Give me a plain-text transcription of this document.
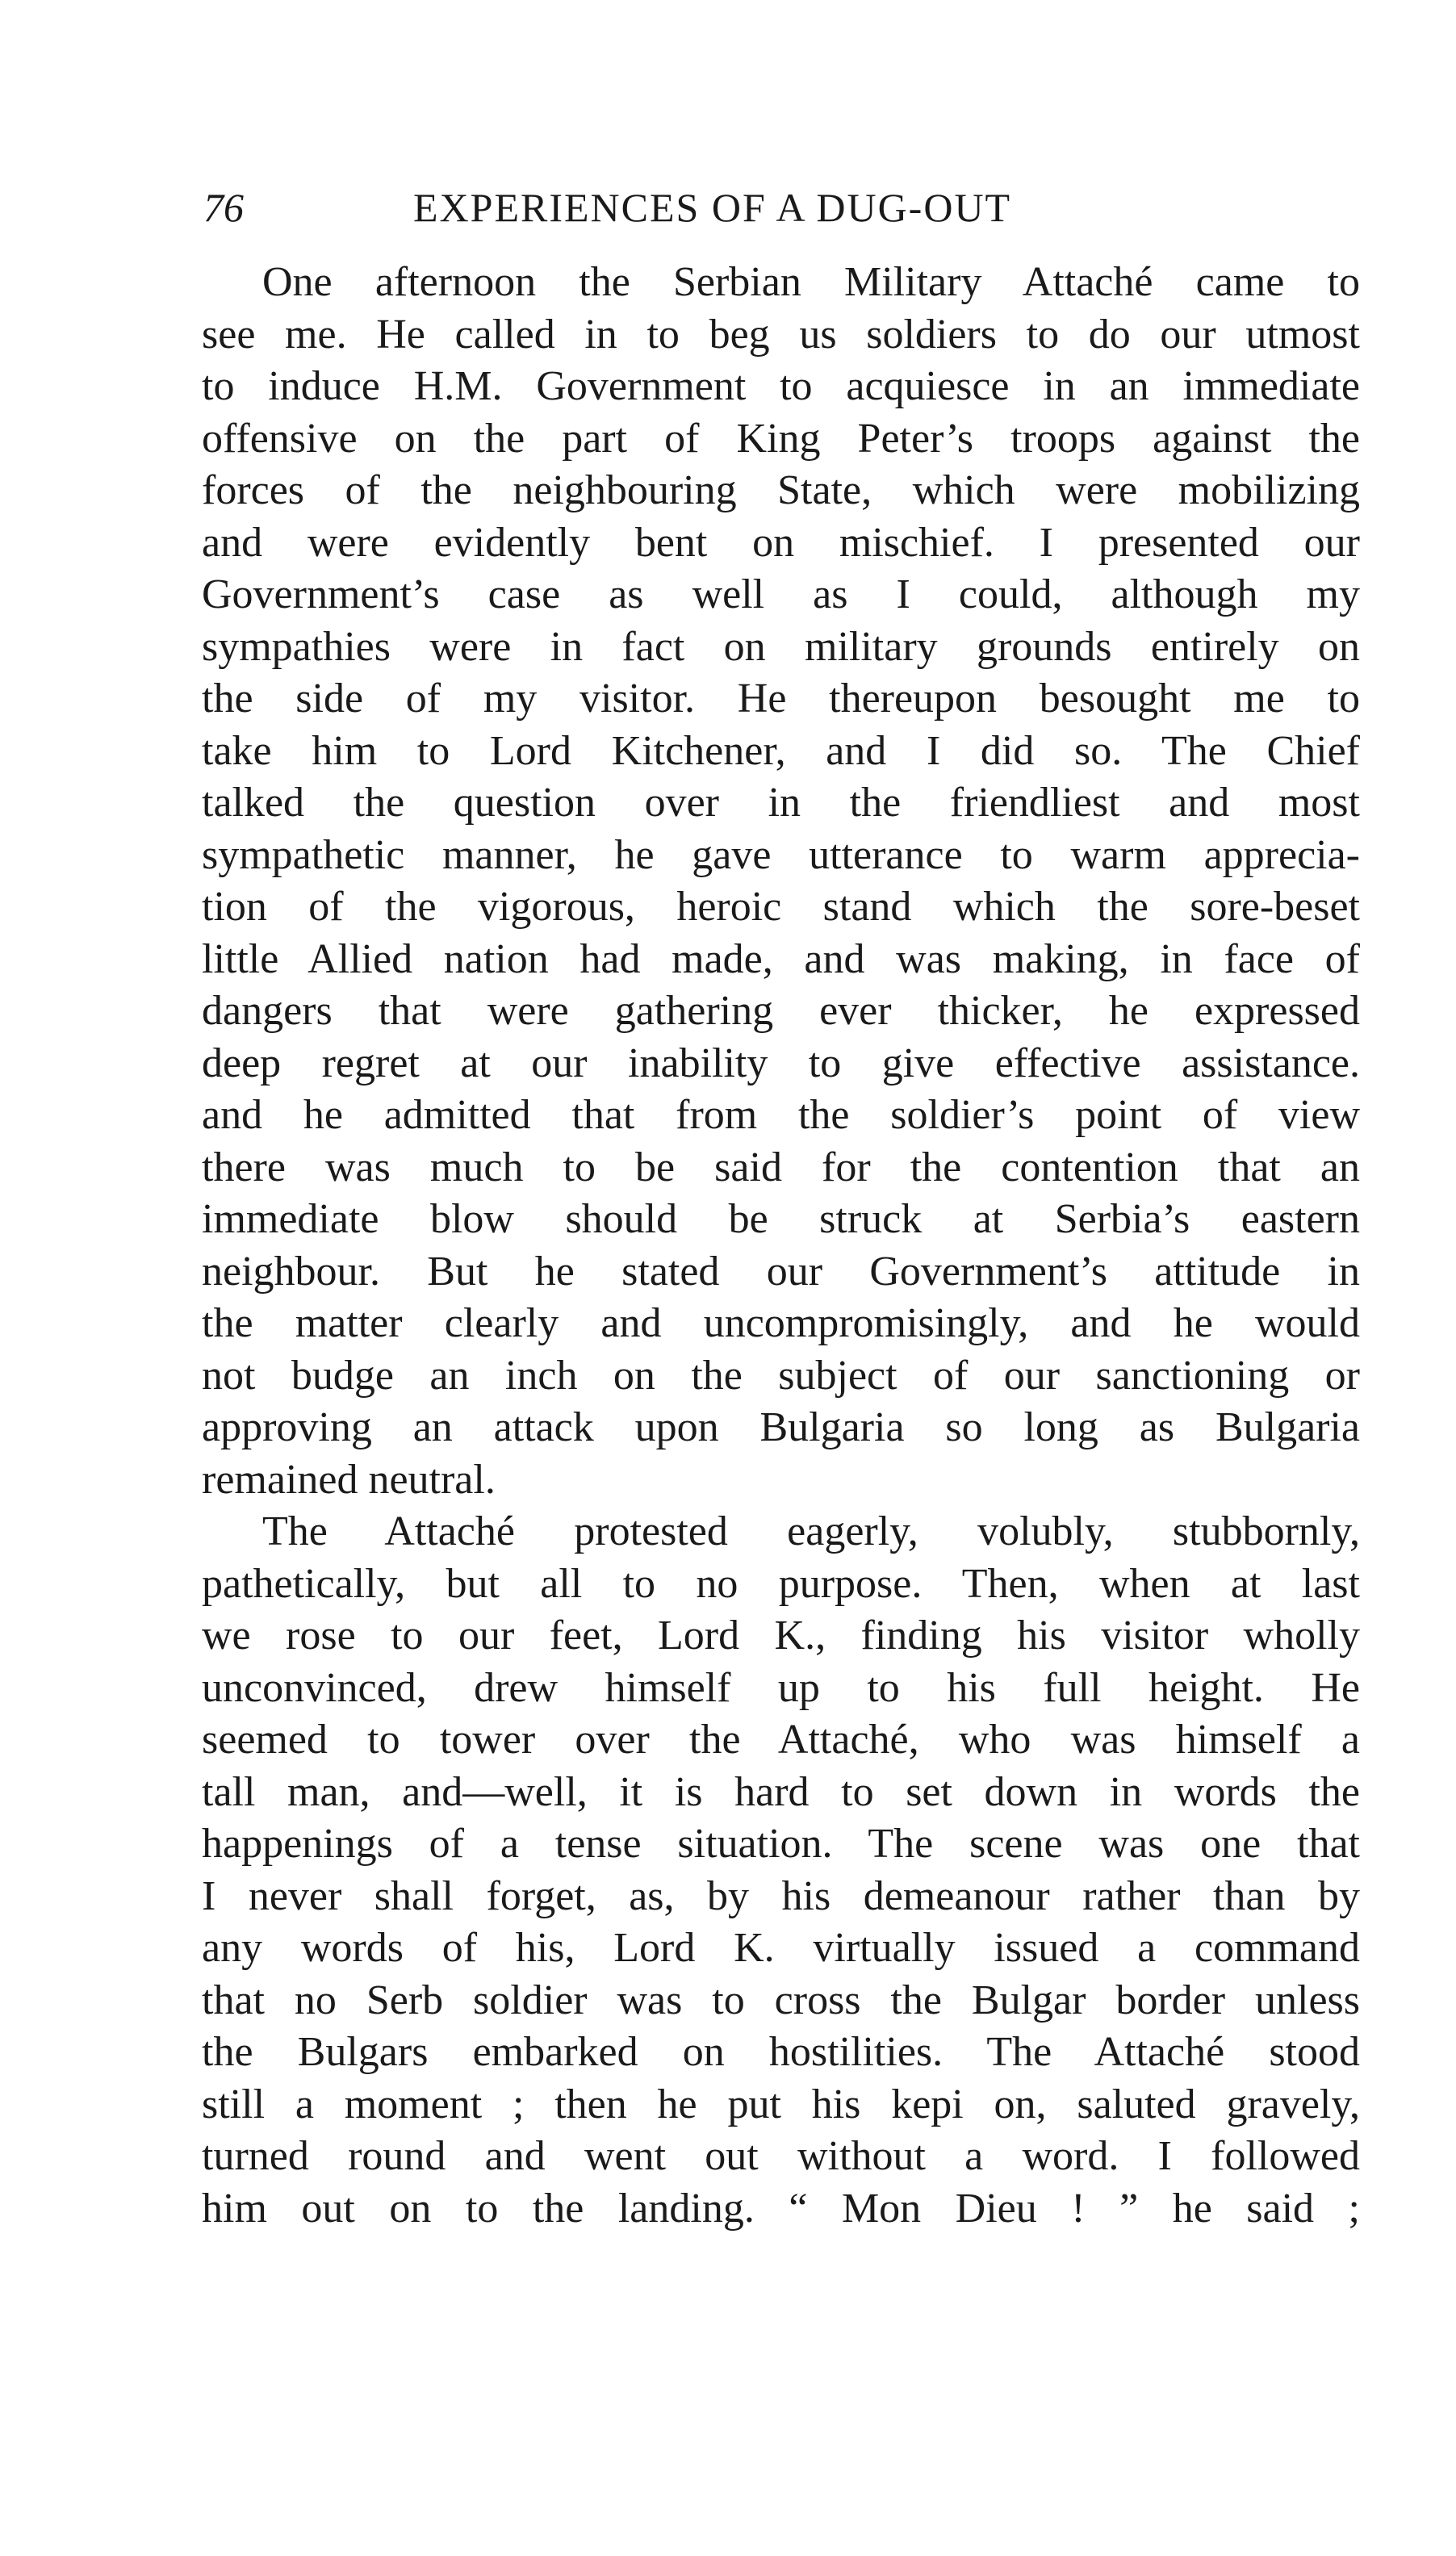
76	EXPERIENCES OF A DUG-OUT
One afternoon the Serbian Military Attaché came to
see me. He called in to beg us soldiers to do our utmost
to induce H.M. Government to acquiesce in an immediate
offensive on the part of King Peter’s troops against the
forces of the neighbouring State, which were mobilizing
and were evidently bent on mischief. I presented our
Government’s case as well as I could, although my
sympathies were in fact on military grounds entirely on
the side of my visitor. He thereupon besought me to
take him to Lord Kitchener, and I did so. The Chief
talked the question over in the friendliest and most
sympathetic manner, he gave utterance to warm apprecia-
tion of the vigorous, heroic stand which the sore-beset
little Allied nation had made, and was making, in face of
dangers that were gathering ever thicker, he expressed
deep regret at our inability to give effective assistance.
and he admitted that from the soldier’s point of view
there was much to be said for the contention that an
immediate blow should be struck at Serbia’s eastern
neighbour. But he stated our Government’s attitude in
the matter clearly and uncompromisingly, and he would
not budge an inch on the subject of our sanctioning or
approving an attack upon Bulgaria so long as Bulgaria
remained neutral.
The Attaché protested eagerly, volubly, stubbornly,
pathetically, but all to no purpose. Then, when at last
we rose to our feet, Lord K., finding his visitor wholly
unconvinced, drew himself up to his full height. He
seemed to tower over the Attaché, who was himself a
tall man, and—well, it is hard to set down in words the
happenings of a tense situation. The scene was one that
I never shall forget, as, by his demeanour rather than by
any words of his, Lord K. virtually issued a command
that no Serb soldier was to cross the Bulgar border unless
the Bulgars embarked on hostilities. The Attaché stood
still a moment ; then he put his kepi on, saluted gravely,
turned round and went out without a word. I followed
him out on to the landing. “ Mon Dieu ! ” he said ;
